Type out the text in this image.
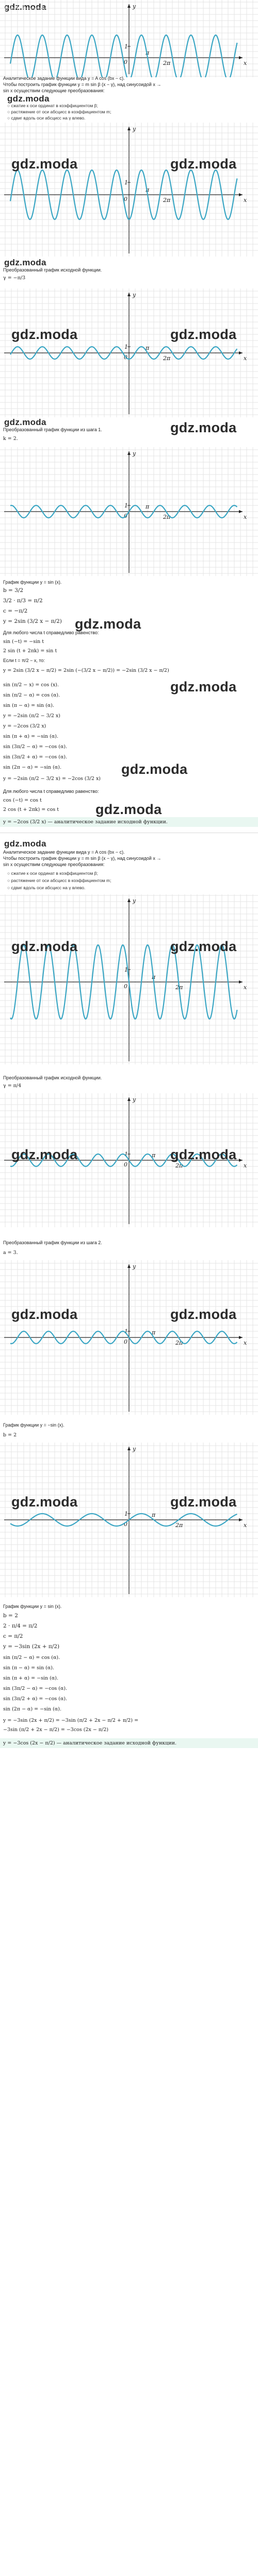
gdz.moda
x
y
0
1
π
2π
Аналитическое задание функции вида y = A cos (bx − c).
Чтобы построить график функции y = m sin β (x − γ), над синусоидой x →
sin x осуществим следующие преобразования:
gdz.moda
○ сжатие к оси ординат в коэффициентом β;
○ растяжение от оси абсцисс в коэффициентом m;
○ сдвиг вдоль оси абсцисс на γ влево.
x
y
0
1
π
2π
gdz.moda	gdz.moda
gdz.moda
Преобразованный график исходной функции.
γ = −π/3
x
y
0
1	π
2π
gdz.moda	gdz.moda
gdz.moda
Преобразованный график функции из шага 1.	gdz.moda
k = 2.
x
y
0
1	π
2π
График функции y = sin (x).
b = 3/2
3/2 · π/3 = π/2
c = −π/2
y = 2sin (3/2 x − π/2) gdz.moda
Для любого числа t справедливо равенство:
sin (−t) = −sin t
2 sin (t + 2πk) = sin t
Если t = π/2 − x, то:
y = 2sin (3/2 x − π/2) = 2sin (−(3/2 x − π/2)) = −2sin (3/2 x − π/2)
gdz.moda
sin (π/2 − x) = cos (x).
sin (π/2 − α) = cos (α).
sin (π − α) = sin (α).
y = −2sin (π/2 − 3/2 x)
y = −2cos (3/2 x)
sin (π + α) = −sin (α).
sin (3π/2 − α) = −cos (α).
sin (3π/2 + α) = −cos (α).
gdz.moda
sin (2π − α) = −sin (α).
y = −2sin (π/2 − 3/2 x) = −2cos (3/2 x)
Для любого числа t справедливо равенство:
cos (−t) = cos t
2 cos (t + 2πk) = cos t	gdz.moda
y = −2cos (3/2 x) — аналитическое задание исходной функции.
gdz.moda
Аналитическое задание функции вида y = A cos (bx − c).
Чтобы построить график функции y = m sin β (x − γ), над синусоидой x →
sin x осуществим следующие преобразования:
○ сжатие к оси ординат в коэффициентом β;
○ растяжение от оси абсцисс в коэффициентом m;
○ сдвиг вдоль оси абсцисс на γ влево.
x
y
0
1
π
2π
gdz.moda	gdz.moda
Преобразованный график исходной функции.
γ = π/4
x
y
0
1	π
2π
gdz.moda	gdz.moda
Преобразованный график функции из шага 2.
a = 3.
x
y
0
1	π
2π
gdz.moda	gdz.moda
График функции y = −sin (x).
b = 2
x
y
0
1	π
2π
gdz.moda	gdz.moda
График функции y = sin (x).
b = 2
2 · π/4 = π/2
c = π/2
y = −3sin (2x + π/2)
sin (π/2 − α) = cos (α).
sin (π − α) = sin (α).
sin (π + α) = −sin (α).
sin (3π/2 − α) = −cos (α).
sin (3π/2 + α) = −cos (α).
sin (2π − α) = −sin (α).
y = −3sin (2x + π/2) = −3sin (π/2 + 2x − π/2 + π/2) =
−3sin (π/2 + 2x − π/2) = −3cos (2x − π/2)
y = −3cos (2x − π/2) — аналитическое задание исходной функции.
